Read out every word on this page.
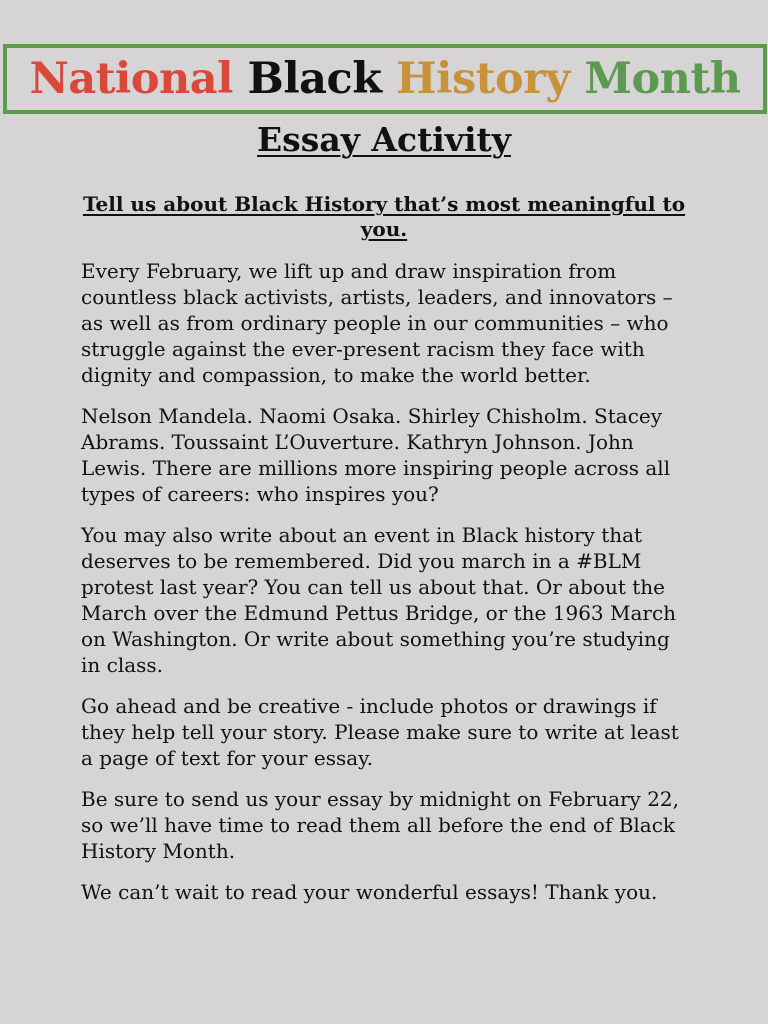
National Black History Month
Essay Activity
Tell us about Black History that’s most meaningful to you.

Every February, we lift up and draw inspiration from countless black activists, artists, leaders, and innovators – as well as from ordinary people in our communities – who struggle against the ever-present racism they face with dignity and compassion, to make the world better.

Nelson Mandela. Naomi Osaka. Shirley Chisholm. Stacey Abrams. Toussaint L’Ouverture. Kathryn Johnson. John Lewis. There are millions more inspiring people across all types of careers: who inspires you?

You may also write about an event in Black history that deserves to be remembered. Did you march in a #BLM protest last year? You can tell us about that. Or about the March over the Edmund Pettus Bridge, or the 1963 March on Washington. Or write about something you’re studying in class.

Go ahead and be creative - include photos or drawings if they help tell your story. Please make sure to write at least a page of text for your essay.

Be sure to send us your essay by midnight on February 22, so we’ll have time to read them all before the end of Black History Month.

We can’t wait to read your wonderful essays! Thank you.
